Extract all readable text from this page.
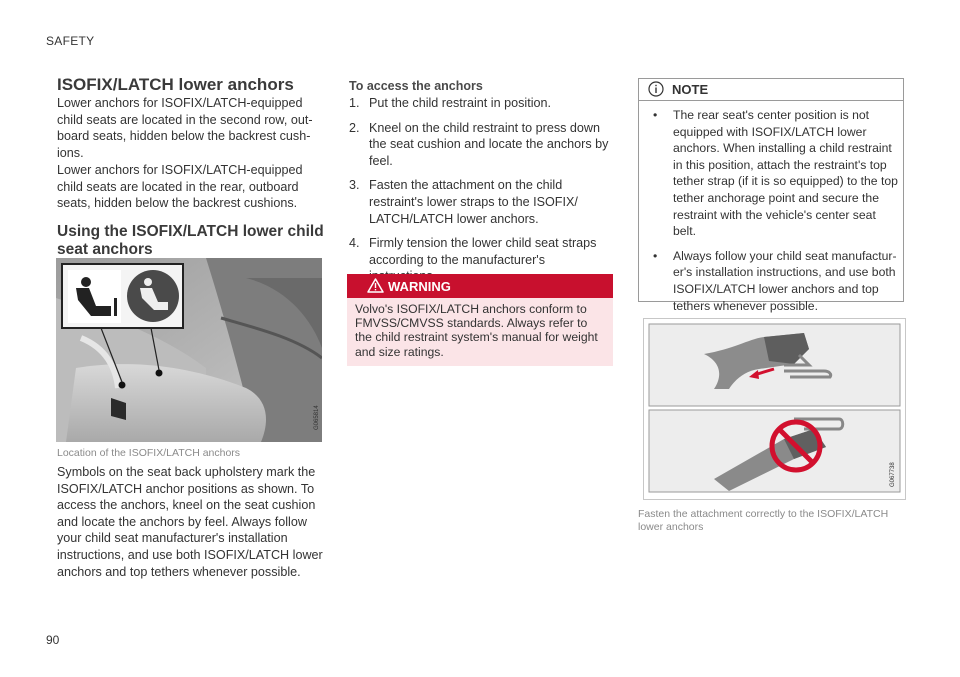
SAFETY
ISOFIX/LATCH lower anchors
Lower anchors for ISOFIX/LATCH-equipped child seats are located in the second row, out-board seats, hidden below the backrest cush-ions.
Lower anchors for ISOFIX/LATCH-equipped child seats are located in the rear, outboard seats, hidden below the backrest cushions.
Using the ISOFIX/LATCH lower child seat anchors
G065814
Location of the ISOFIX/LATCH anchors
Symbols on the seat back upholstery mark the ISOFIX/LATCH anchor positions as shown. To access the anchors, kneel on the seat cushion and locate the anchors by feel. Always follow your child seat manufacturer's installation instructions, and use both ISOFIX/LATCH lower anchors and top tethers whenever possible.
To access the anchors
1. Put the child restraint in position.
2. Kneel on the child restraint to press down the seat cushion and locate the anchors by feel.
3. Fasten the attachment on the child restraint's lower straps to the ISOFIX/ LATCH/LATCH lower anchors.
4. Firmly tension the lower child seat straps according to the manufacturer's
WARNING
Volvo's ISOFIX/LATCH anchors conform to FMVSS/CMVSS standards. Always refer to the child restraint system's manual for weight and size ratings.
NOTE
• The rear seat's center position is not equipped with ISOFIX/LATCH lower anchors. When installing a child restraint in this position, attach the restraint's top tether strap (if it is so equipped) to the top tether anchorage point and secure the restraint with the vehicle's center seat belt.
• Always follow your child seat manufactur-er's installation instructions, and use both ISOFIX/LATCH lower anchors and top tethers whenever possible.
G067738
Fasten the attachment correctly to the ISOFIX/LATCH lower anchors
90
